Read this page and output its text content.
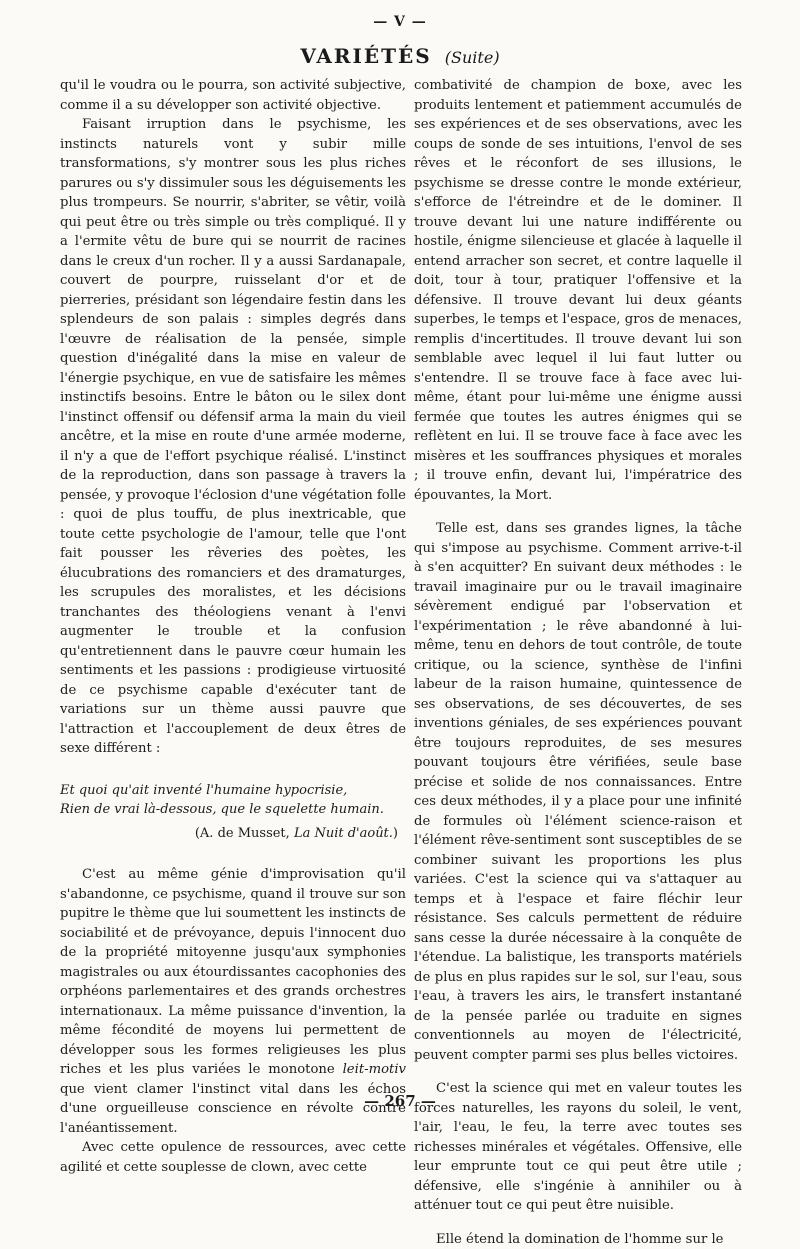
— V —
VARIÉTÉS (Suite)

qu'il le voudra ou le pourra, son activité subjective, comme il a su développer son activité objective.

Faisant irruption dans le psychisme, les instincts naturels vont y subir mille transformations, s'y montrer sous les plus riches parures ou s'y dissimuler sous les déguisements les plus trompeurs. Se nourrir, s'abriter, se vêtir, voilà qui peut être ou très simple ou très compliqué. Il y a l'ermite vêtu de bure qui se nourrit de racines dans le creux d'un rocher. Il y a aussi Sardanapale, couvert de pourpre, ruisselant d'or et de pierreries, présidant son légendaire festin dans les splendeurs de son palais : simples degrés dans l'œuvre de réalisation de la pensée, simple question d'inégalité dans la mise en valeur de l'énergie psychique, en vue de satisfaire les mêmes instinctifs besoins. Entre le bâton ou le silex dont l'instinct offensif ou défensif arma la main du vieil ancêtre, et la mise en route d'une armée moderne, il n'y a que de l'effort psychique réalisé. L'instinct de la reproduction, dans son passage à travers la pensée, y provoque l'éclosion d'une végétation folle : quoi de plus touffu, de plus inextricable, que toute cette psychologie de l'amour, telle que l'ont fait pousser les rêveries des poètes, les élucubrations des romanciers et des dramaturges, les scrupules des moralistes, et les décisions tranchantes des théologiens venant à l'envi augmenter le trouble et la confusion qu'entretiennent dans le pauvre cœur humain les sentiments et les passions : prodigieuse virtuosité de ce psychisme capable d'exécuter tant de variations sur un thème aussi pauvre que l'attraction et l'accouplement de deux êtres de sexe différent :

Et quoi qu'ait inventé l'humaine hypocrisie,
Rien de vrai là-dessous, que le squelette humain.
(A. de Musset, La Nuit d'août.)

C'est au même génie d'improvisation qu'il s'abandonne, ce psychisme, quand il trouve sur son pupitre le thème que lui soumettent les instincts de sociabilité et de prévoyance, depuis l'innocent duo de la propriété mitoyenne jusqu'aux symphonies magistrales ou aux étourdissantes cacophonies des orphéons parlementaires et des grands orchestres internationaux. La même puissance d'invention, la même fécondité de moyens lui permettent de développer sous les formes religieuses les plus riches et les plus variées le monotone leit-motiv que vient clamer l'instinct vital dans les échos d'une orgueilleuse conscience en révolte contre l'anéantissement.

Avec cette opulence de ressources, avec cette agilité et cette souplesse de clown, avec cette

combativité de champion de boxe, avec les produits lentement et patiemment accumulés de ses expériences et de ses observations, avec les coups de sonde de ses intuitions, l'envol de ses rêves et le réconfort de ses illusions, le psychisme se dresse contre le monde extérieur, s'efforce de l'étreindre et de le dominer. Il trouve devant lui une nature indifférente ou hostile, énigme silencieuse et glacée à laquelle il entend arracher son secret, et contre laquelle il doit, tour à tour, pratiquer l'offensive et la défensive. Il trouve devant lui deux géants superbes, le temps et l'espace, gros de menaces, remplis d'incertitudes. Il trouve devant lui son semblable avec lequel il lui faut lutter ou s'entendre. Il se trouve face à face avec lui-même, étant pour lui-même une énigme aussi fermée que toutes les autres énigmes qui se reflètent en lui. Il se trouve face à face avec les misères et les souffrances physiques et morales ; il trouve enfin, devant lui, l'impératrice des épouvantes, la Mort.

Telle est, dans ses grandes lignes, la tâche qui s'impose au psychisme. Comment arrive-t-il à s'en acquitter? En suivant deux méthodes : le travail imaginaire pur ou le travail imaginaire sévèrement endigué par l'observation et l'expérimentation ; le rêve abandonné à lui-même, tenu en dehors de tout contrôle, de toute critique, ou la science, synthèse de l'infini labeur de la raison humaine, quintessence de ses observations, de ses découvertes, de ses inventions géniales, de ses expériences pouvant être toujours reproduites, de ses mesures pouvant toujours être vérifiées, seule base précise et solide de nos connaissances. Entre ces deux méthodes, il y a place pour une infinité de formules où l'élément science-raison et l'élément rêve-sentiment sont susceptibles de se combiner suivant les proportions les plus variées. C'est la science qui va s'attaquer au temps et à l'espace et faire fléchir leur résistance. Ses calculs permettent de réduire sans cesse la durée nécessaire à la conquête de l'étendue. La balistique, les transports matériels de plus en plus rapides sur le sol, sur l'eau, sous l'eau, à travers les airs, le transfert instantané de la pensée parlée ou traduite en signes conventionnels au moyen de l'électricité, peuvent compter parmi ses plus belles victoires.

C'est la science qui met en valeur toutes les forces naturelles, les rayons du soleil, le vent, l'air, l'eau, le feu, la terre avec toutes ses richesses minérales et végétales. Offensive, elle leur emprunte tout ce qui peut être utile ; défensive, elle s'ingénie à annihiler ou à atténuer tout ce qui peut être nuisible.

Elle étend la domination de l'homme sur le

— 267 —
